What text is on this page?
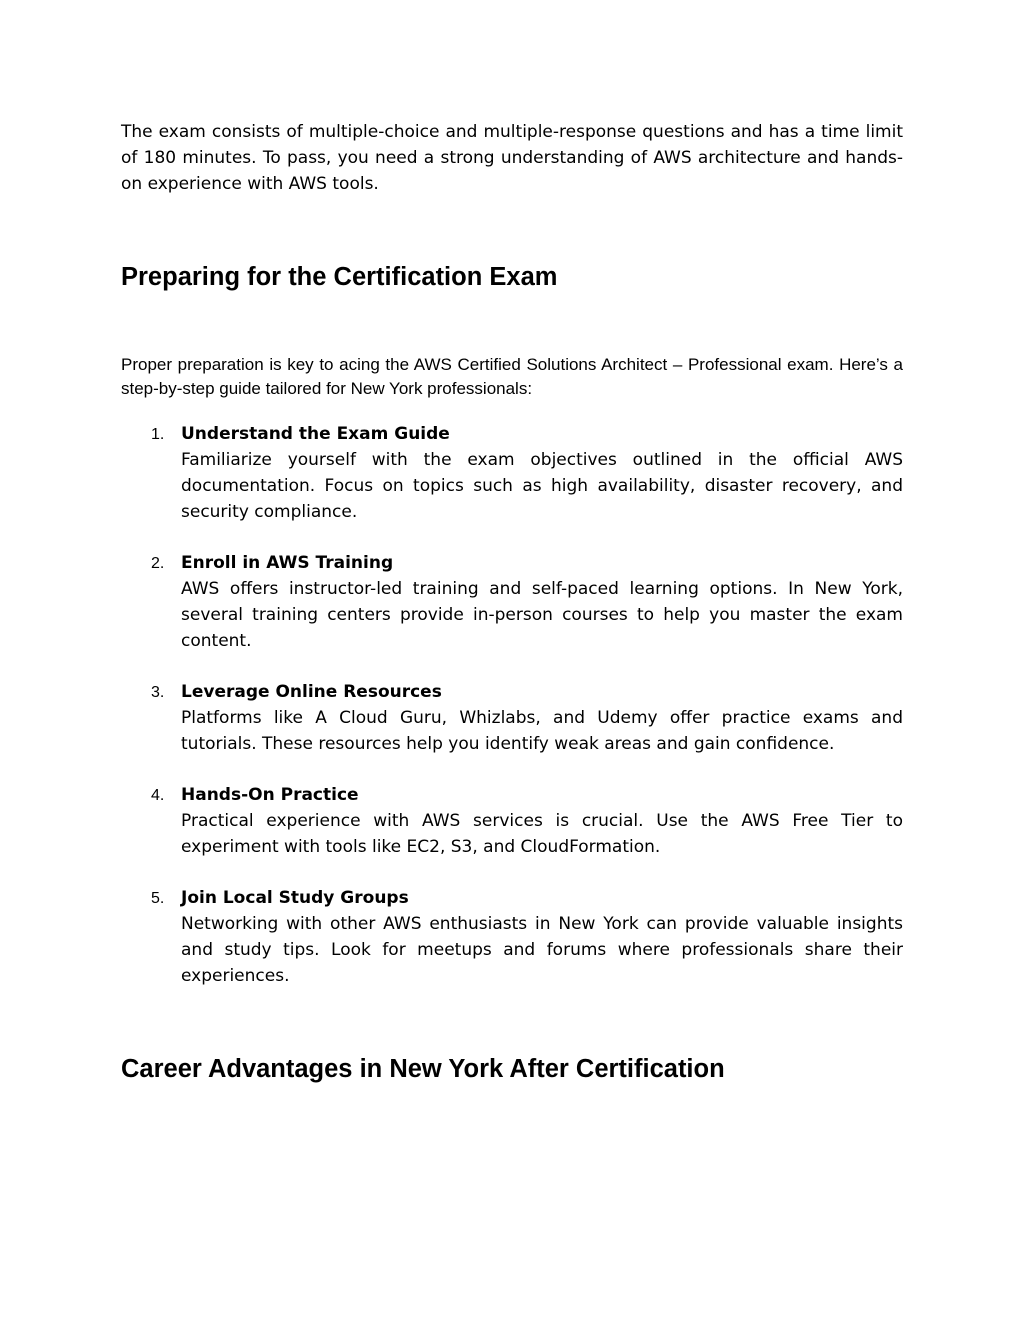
The exam consists of multiple-choice and multiple-response questions and has a time limit of 180 minutes. To pass, you need a strong understanding of AWS architecture and hands-on experience with AWS tools.

Preparing for the Certification Exam

Proper preparation is key to acing the AWS Certified Solutions Architect – Professional exam. Here’s a step-by-step guide tailored for New York professionals:

1. Understand the Exam Guide
Familiarize yourself with the exam objectives outlined in the official AWS documentation. Focus on topics such as high availability, disaster recovery, and security compliance.
2. Enroll in AWS Training
AWS offers instructor-led training and self-paced learning options. In New York, several training centers provide in-person courses to help you master the exam content.
3. Leverage Online Resources
Platforms like A Cloud Guru, Whizlabs, and Udemy offer practice exams and tutorials. These resources help you identify weak areas and gain confidence.
4. Hands-On Practice
Practical experience with AWS services is crucial. Use the AWS Free Tier to experiment with tools like EC2, S3, and CloudFormation.
5. Join Local Study Groups
Networking with other AWS enthusiasts in New York can provide valuable insights and study tips. Look for meetups and forums where professionals share their experiences.
Career Advantages in New York After Certification
